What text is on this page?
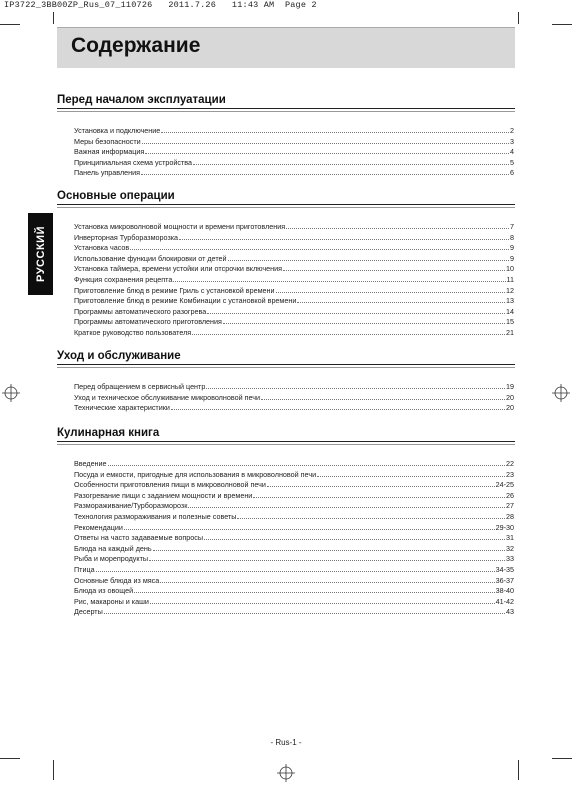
IP3722_3BB00ZP_Rus_07_110726   2011.7.26   11:43 AM  Page 2
Содержание
РУССКИЙ
Перед началом эксплуатации
Установка и подключение	2
Меры безопасности	3
Важная информация	4
Принципиальная схема устройства	5
Панель управления	6
Основные операции
Установка микроволновой мощности и времени приготовления	7
Инверторная Турборазморозка	8
Установка часов	9
Использование функции блокировки от детей	9
Установка таймера, времени устойки или отсрочки включения	10
Функция сохранения рецепта	11
Приготовление блюд в режиме Гриль с установкой времени	12
Приготовление блюд в режиме Комбинации с установкой времени	13
Программы автоматического разогрева	14
Программы автоматического приготовления	15
Краткое руководство пользователя	21
Уход и обслуживание
Перед обращением в сервисный центр	19
Уход и техническое обслуживание микроволновой печи	20
Технические характеристики	20
Кулинарная книга
Введение	22
Посуда и емкости, пригодные для использования в микроволновой печи	23
Особенности приготовления пищи в микроволновой печи	24-25
Разогревание пищи с заданием мощности и времени	26
Размораживание/Турборазморозк	27
Технология размораживания и полезные советы	28
Рекомендации	29-30
Ответы на часто задаваемые вопросы	31
Блюда на каждый день	32
Рыба и морепродукты	33
Птица	34-35
Основные блюда из мяса	36-37
Блюда из овощей	38-40
Рис, макароны и каши	41-42
Десерты	43
- Rus-1 -
